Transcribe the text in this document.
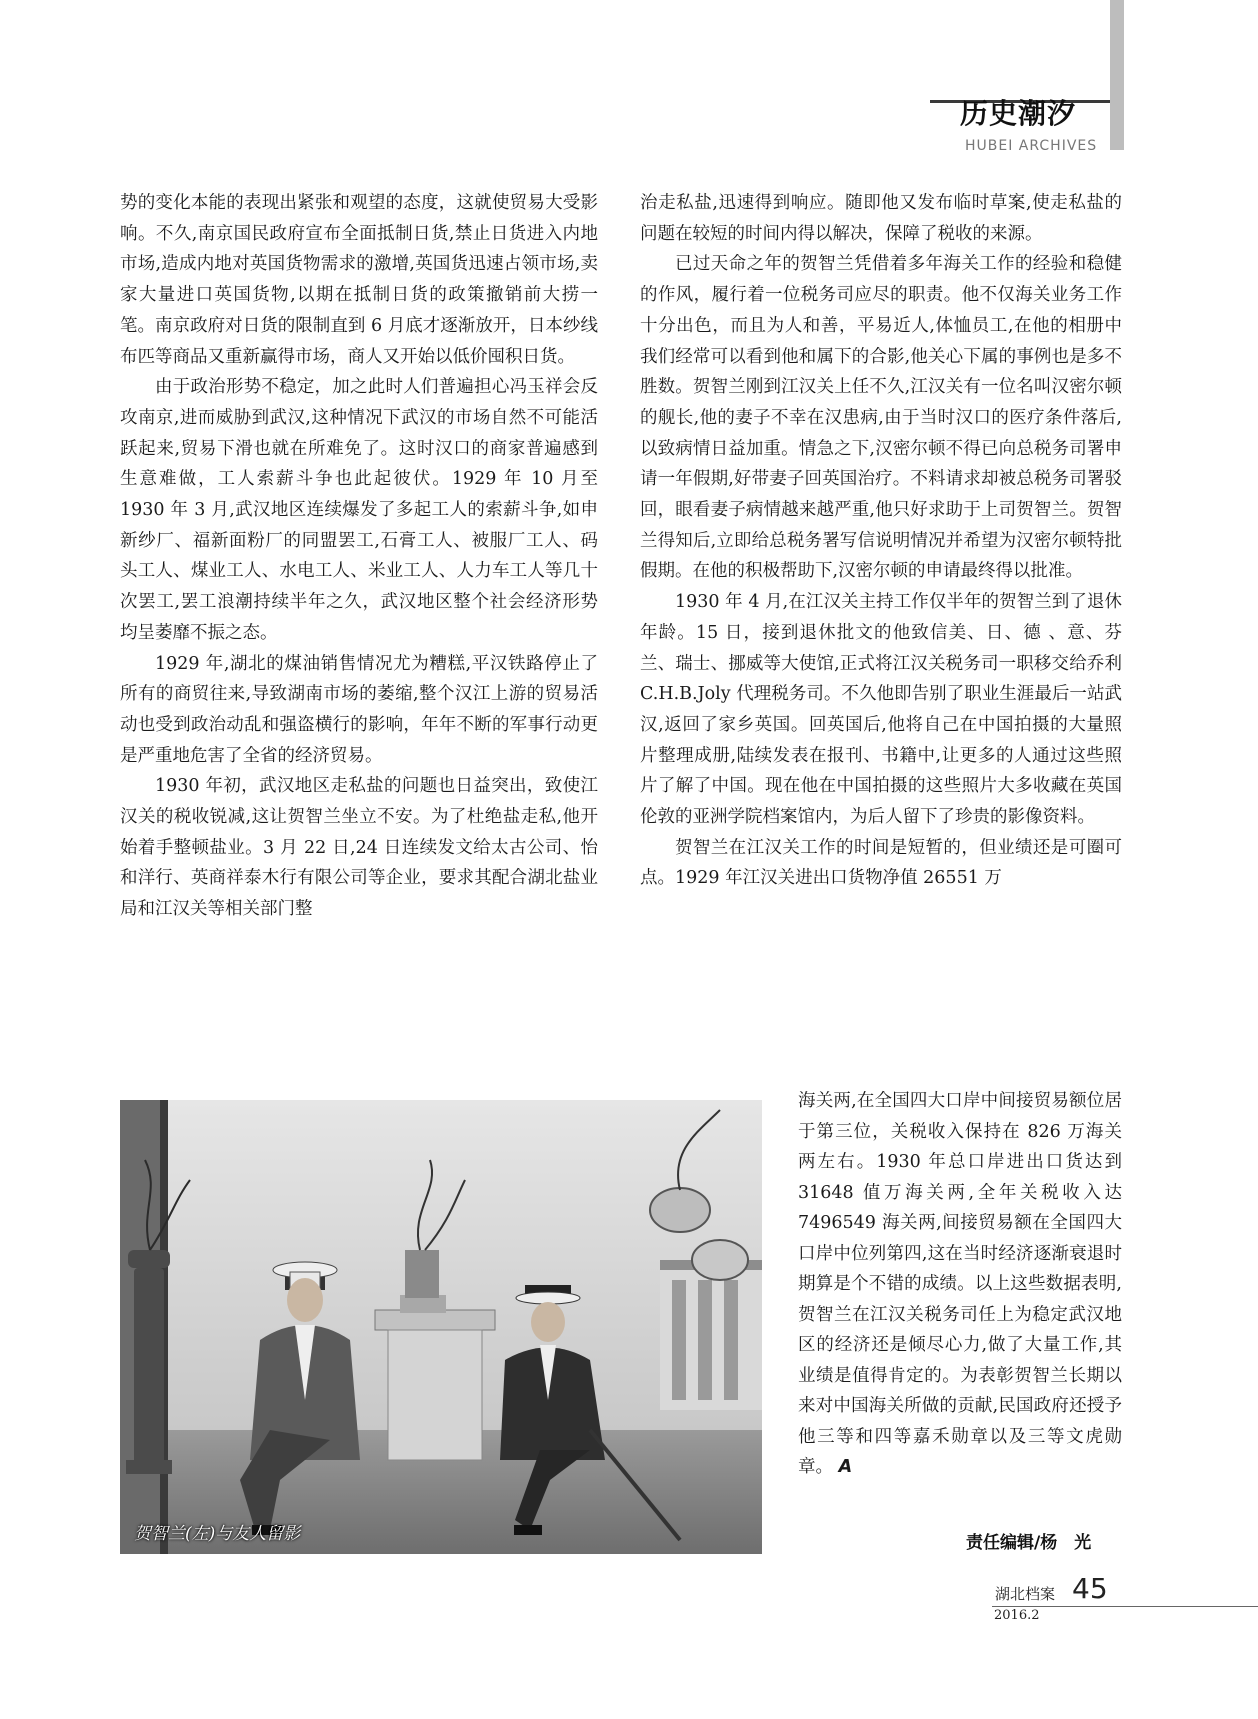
历史潮汐
HUBEI ARCHIVES

势的变化本能的表现出紧张和观望的态度，这就使贸易大受影响。不久,南京国民政府宣布全面抵制日货,禁止日货进入内地市场,造成内地对英国货物需求的激增,英国货迅速占领市场,卖家大量进口英国货物,以期在抵制日货的政策撤销前大捞一笔。南京政府对日货的限制直到 6 月底才逐渐放开，日本纱线布匹等商品又重新赢得市场，商人又开始以低价囤积日货。

由于政治形势不稳定，加之此时人们普遍担心冯玉祥会反攻南京,进而威胁到武汉,这种情况下武汉的市场自然不可能活跃起来,贸易下滑也就在所难免了。这时汉口的商家普遍感到生意难做，工人索薪斗争也此起彼伏。1929 年 10 月至 1930 年 3 月,武汉地区连续爆发了多起工人的索薪斗争,如申新纱厂、福新面粉厂的同盟罢工,石膏工人、被服厂工人、码头工人、煤业工人、水电工人、米业工人、人力车工人等几十次罢工,罢工浪潮持续半年之久，武汉地区整个社会经济形势均呈萎靡不振之态。

1929 年,湖北的煤油销售情况尤为糟糕,平汉铁路停止了所有的商贸往来,导致湖南市场的萎缩,整个汉江上游的贸易活动也受到政治动乱和强盗横行的影响，年年不断的军事行动更是严重地危害了全省的经济贸易。

1930 年初，武汉地区走私盐的问题也日益突出，致使江汉关的税收锐减,这让贺智兰坐立不安。为了杜绝盐走私,他开始着手整顿盐业。3 月 22 日,24 日连续发文给太古公司、怡和洋行、英商祥泰木行有限公司等企业，要求其配合湖北盐业局和江汉关等相关部门整

治走私盐,迅速得到响应。随即他又发布临时草案,使走私盐的问题在较短的时间内得以解决，保障了税收的来源。

已过天命之年的贺智兰凭借着多年海关工作的经验和稳健的作风，履行着一位税务司应尽的职责。他不仅海关业务工作十分出色，而且为人和善，平易近人,体恤员工,在他的相册中我们经常可以看到他和属下的合影,他关心下属的事例也是多不胜数。贺智兰刚到江汉关上任不久,江汉关有一位名叫汉密尔顿的舰长,他的妻子不幸在汉患病,由于当时汉口的医疗条件落后,以致病情日益加重。情急之下,汉密尔顿不得已向总税务司署申请一年假期,好带妻子回英国治疗。不料请求却被总税务司署驳回，眼看妻子病情越来越严重,他只好求助于上司贺智兰。贺智兰得知后,立即给总税务署写信说明情况并希望为汉密尔顿特批假期。在他的积极帮助下,汉密尔顿的申请最终得以批准。

1930 年 4 月,在江汉关主持工作仅半年的贺智兰到了退休年龄。15 日，接到退休批文的他致信美、日、德 、意、芬兰、瑞士、挪威等大使馆,正式将江汉关税务司一职移交给乔利 C.H.B.Joly 代理税务司。不久他即告别了职业生涯最后一站武汉,返回了家乡英国。回英国后,他将自己在中国拍摄的大量照片整理成册,陆续发表在报刊、书籍中,让更多的人通过这些照片了解了中国。现在他在中国拍摄的这些照片大多收藏在英国伦敦的亚洲学院档案馆内，为后人留下了珍贵的影像资料。

贺智兰在江汉关工作的时间是短暂的，但业绩还是可圈可点。1929 年江汉关进出口货物净值 26551 万

海关两,在全国四大口岸中间接贸易额位居于第三位，关税收入保持在 826 万海关两左右。1930 年总口岸进出口货达到 31648 值万海关两,全年关税收入达 7496549 海关两,间接贸易额在全国四大口岸中位列第四,这在当时经济逐渐衰退时期算是个不错的成绩。以上这些数据表明,贺智兰在江汉关税务司任上为稳定武汉地区的经济还是倾尽心力,做了大量工作,其业绩是值得肯定的。为表彰贺智兰长期以来对中国海关所做的贡献,民国政府还授予他三等和四等嘉禾勋章以及三等文虎勋章。 A

贺智兰(左)与友人留影	责任编辑/杨　光
湖北档案 45
2016.2
